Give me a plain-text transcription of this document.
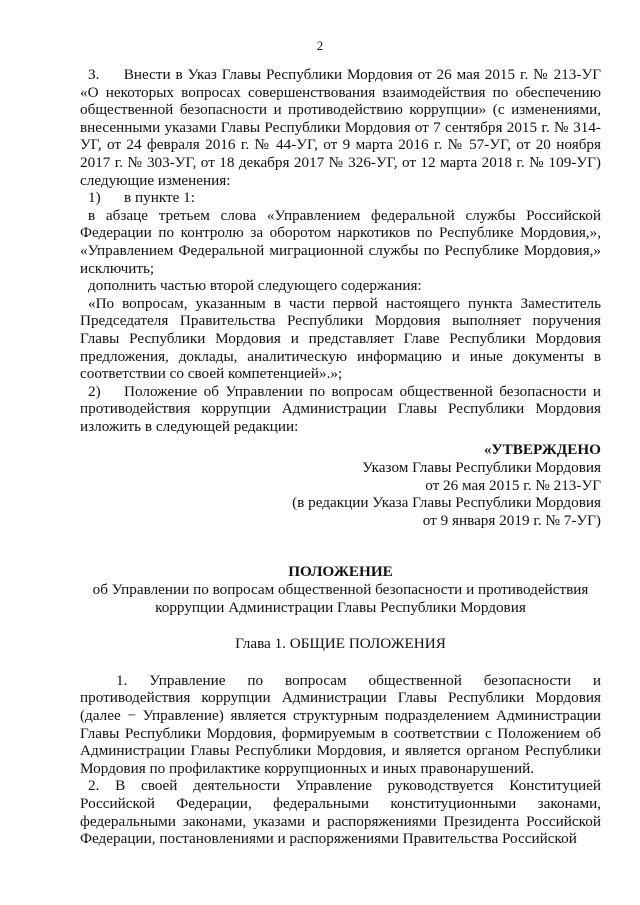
2

3.     Внести в Указ Главы Республики Мордовия от 26 мая 2015 г. № 213-УГ «О некоторых вопросах совершенствования взаимодействия по обеспечению общественной безопасности и противодействию коррупции» (с изменениями, внесенными указами Главы Республики Мордовия от 7 сентября 2015 г. № 314-УГ, от 24 февраля 2016 г. № 44-УГ, от 9 марта 2016 г. № 57-УГ, от 20 ноября 2017 г. № 303-УГ, от 18 декабря 2017 № 326-УГ, от 12 марта 2018 г. № 109-УГ) следующие изменения:

1) в пункте 1:

в абзаце третьем слова «Управлением федеральной службы Российской Федерации по контролю за оборотом наркотиков по Республике Мордовия,», «Управлением Федеральной миграционной службы по Республике Мордовия,» исключить;

дополнить частью второй следующего содержания:

«По вопросам, указанным в части первой настоящего пункта Заместитель Председателя Правительства Республики Мордовия выполняет поручения Главы Республики Мордовия и представляет Главе Республики Мордовия предложения, доклады, аналитическую информацию и иные документы в соответствии со своей компетенцией».»;

2) Положение об Управлении по вопросам общественной безопасности и противодействия коррупции Администрации Главы Республики Мордовия изложить в следующей редакции:

«УТВЕРЖДЕНО

Указом Главы Республики Мордовия

от 26 мая 2015 г. № 213-УГ

(в редакции Указа Главы Республики Мордовия

от 9 января 2019 г. № 7-УГ)

ПОЛОЖЕНИЕ

об Управлении по вопросам общественной безопасности и противодействия

коррупции Администрации Главы Республики Мордовия

Глава 1. ОБЩИЕ ПОЛОЖЕНИЯ

1. Управление по вопросам общественной безопасности и противодействия коррупции Администрации Главы Республики Мордовия (далее − Управление) является структурным подразделением Администрации Главы Республики Мордовия, формируемым в соответствии с Положением об Администрации Главы Республики Мордовия, и является органом Республики Мордовия по профилактике коррупционных и иных правонарушений.

2. В своей деятельности Управление руководствуется Конституцией Российской Федерации, федеральными конституционными законами, федеральными законами, указами и распоряжениями Президента Российской Федерации, постановлениями и распоряжениями Правительства Российской
